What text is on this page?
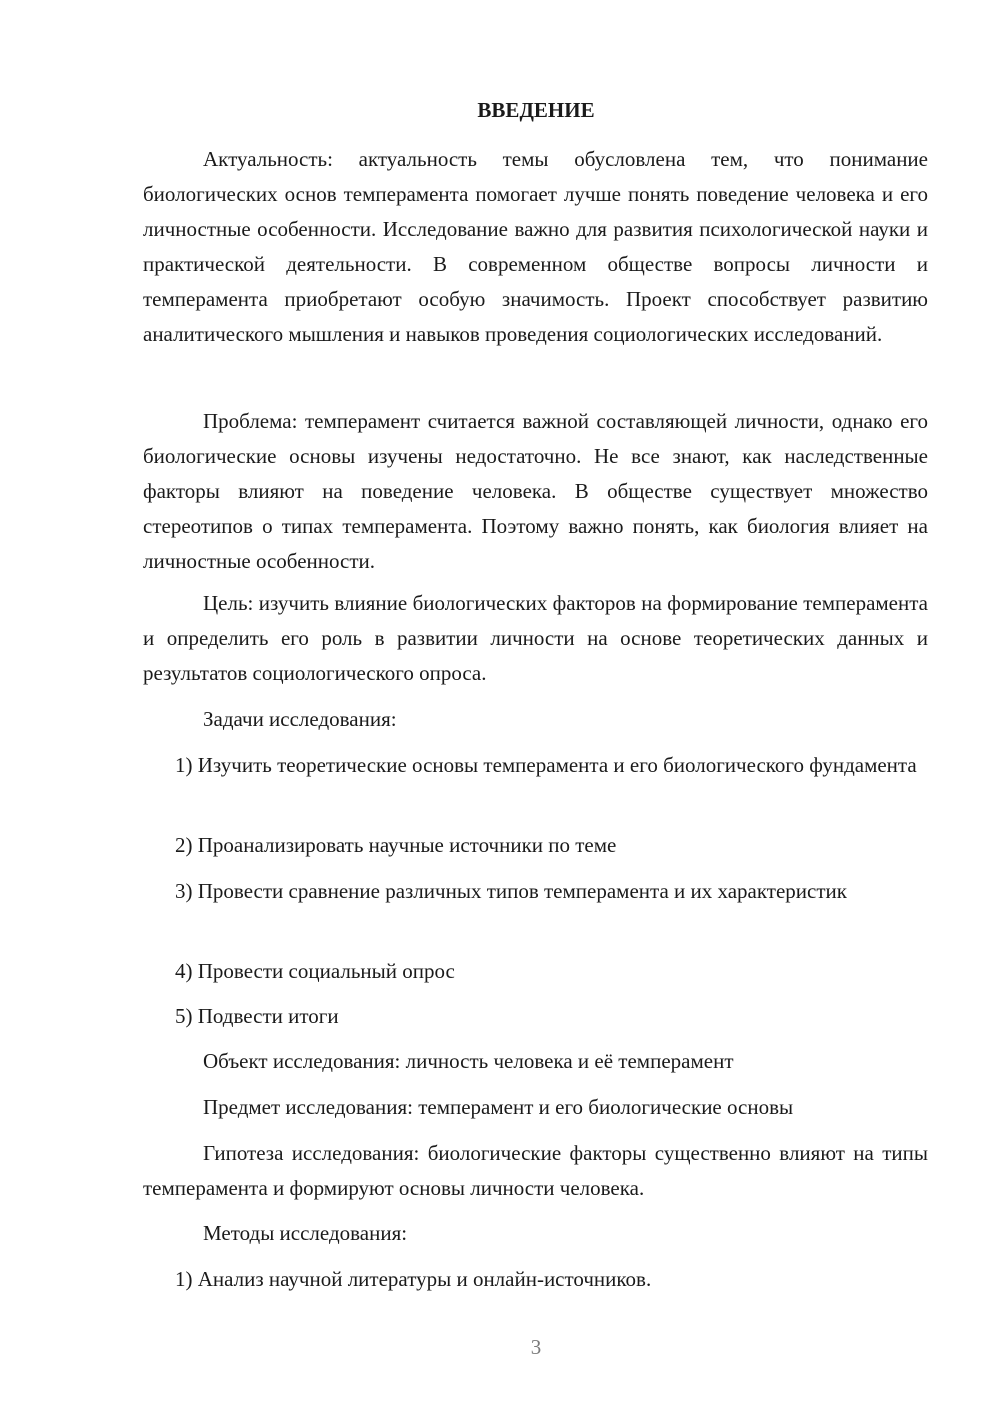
ВВЕДЕНИЕ

Актуальность: актуальность темы обусловлена тем, что понимание биологических основ темперамента помогает лучше понять поведение человека и его личностные особенности. Исследование важно для развития психологической науки и практической деятельности. В современном обществе вопросы личности и темперамента приобретают особую значимость. Проект способствует развитию аналитического мышления и навыков проведения социологических исследований.

Проблема: темперамент считается важной составляющей личности, однако его биологические основы изучены недостаточно. Не все знают, как наследственные факторы влияют на поведение человека. В обществе существует множество стереотипов о типах темперамента. Поэтому важно понять, как биология влияет на личностные особенности.

Цель: изучить влияние биологических факторов на формирование темперамента и определить его роль в развитии личности на основе теоретических данных и результатов социологического опроса.

Задачи исследования:

1) Изучить теоретические основы темперамента и его биологического фундамента

2) Проанализировать научные источники по теме

3) Провести сравнение различных типов темперамента и их характеристик

4) Провести социальный опрос

5) Подвести итоги

Объект исследования: личность человека и её темперамент

Предмет исследования: темперамент и его биологические основы

Гипотеза исследования: биологические факторы существенно влияют на типы темперамента и формируют основы личности человека.

Методы исследования:

1) Анализ научной литературы и онлайн-источников.

3
